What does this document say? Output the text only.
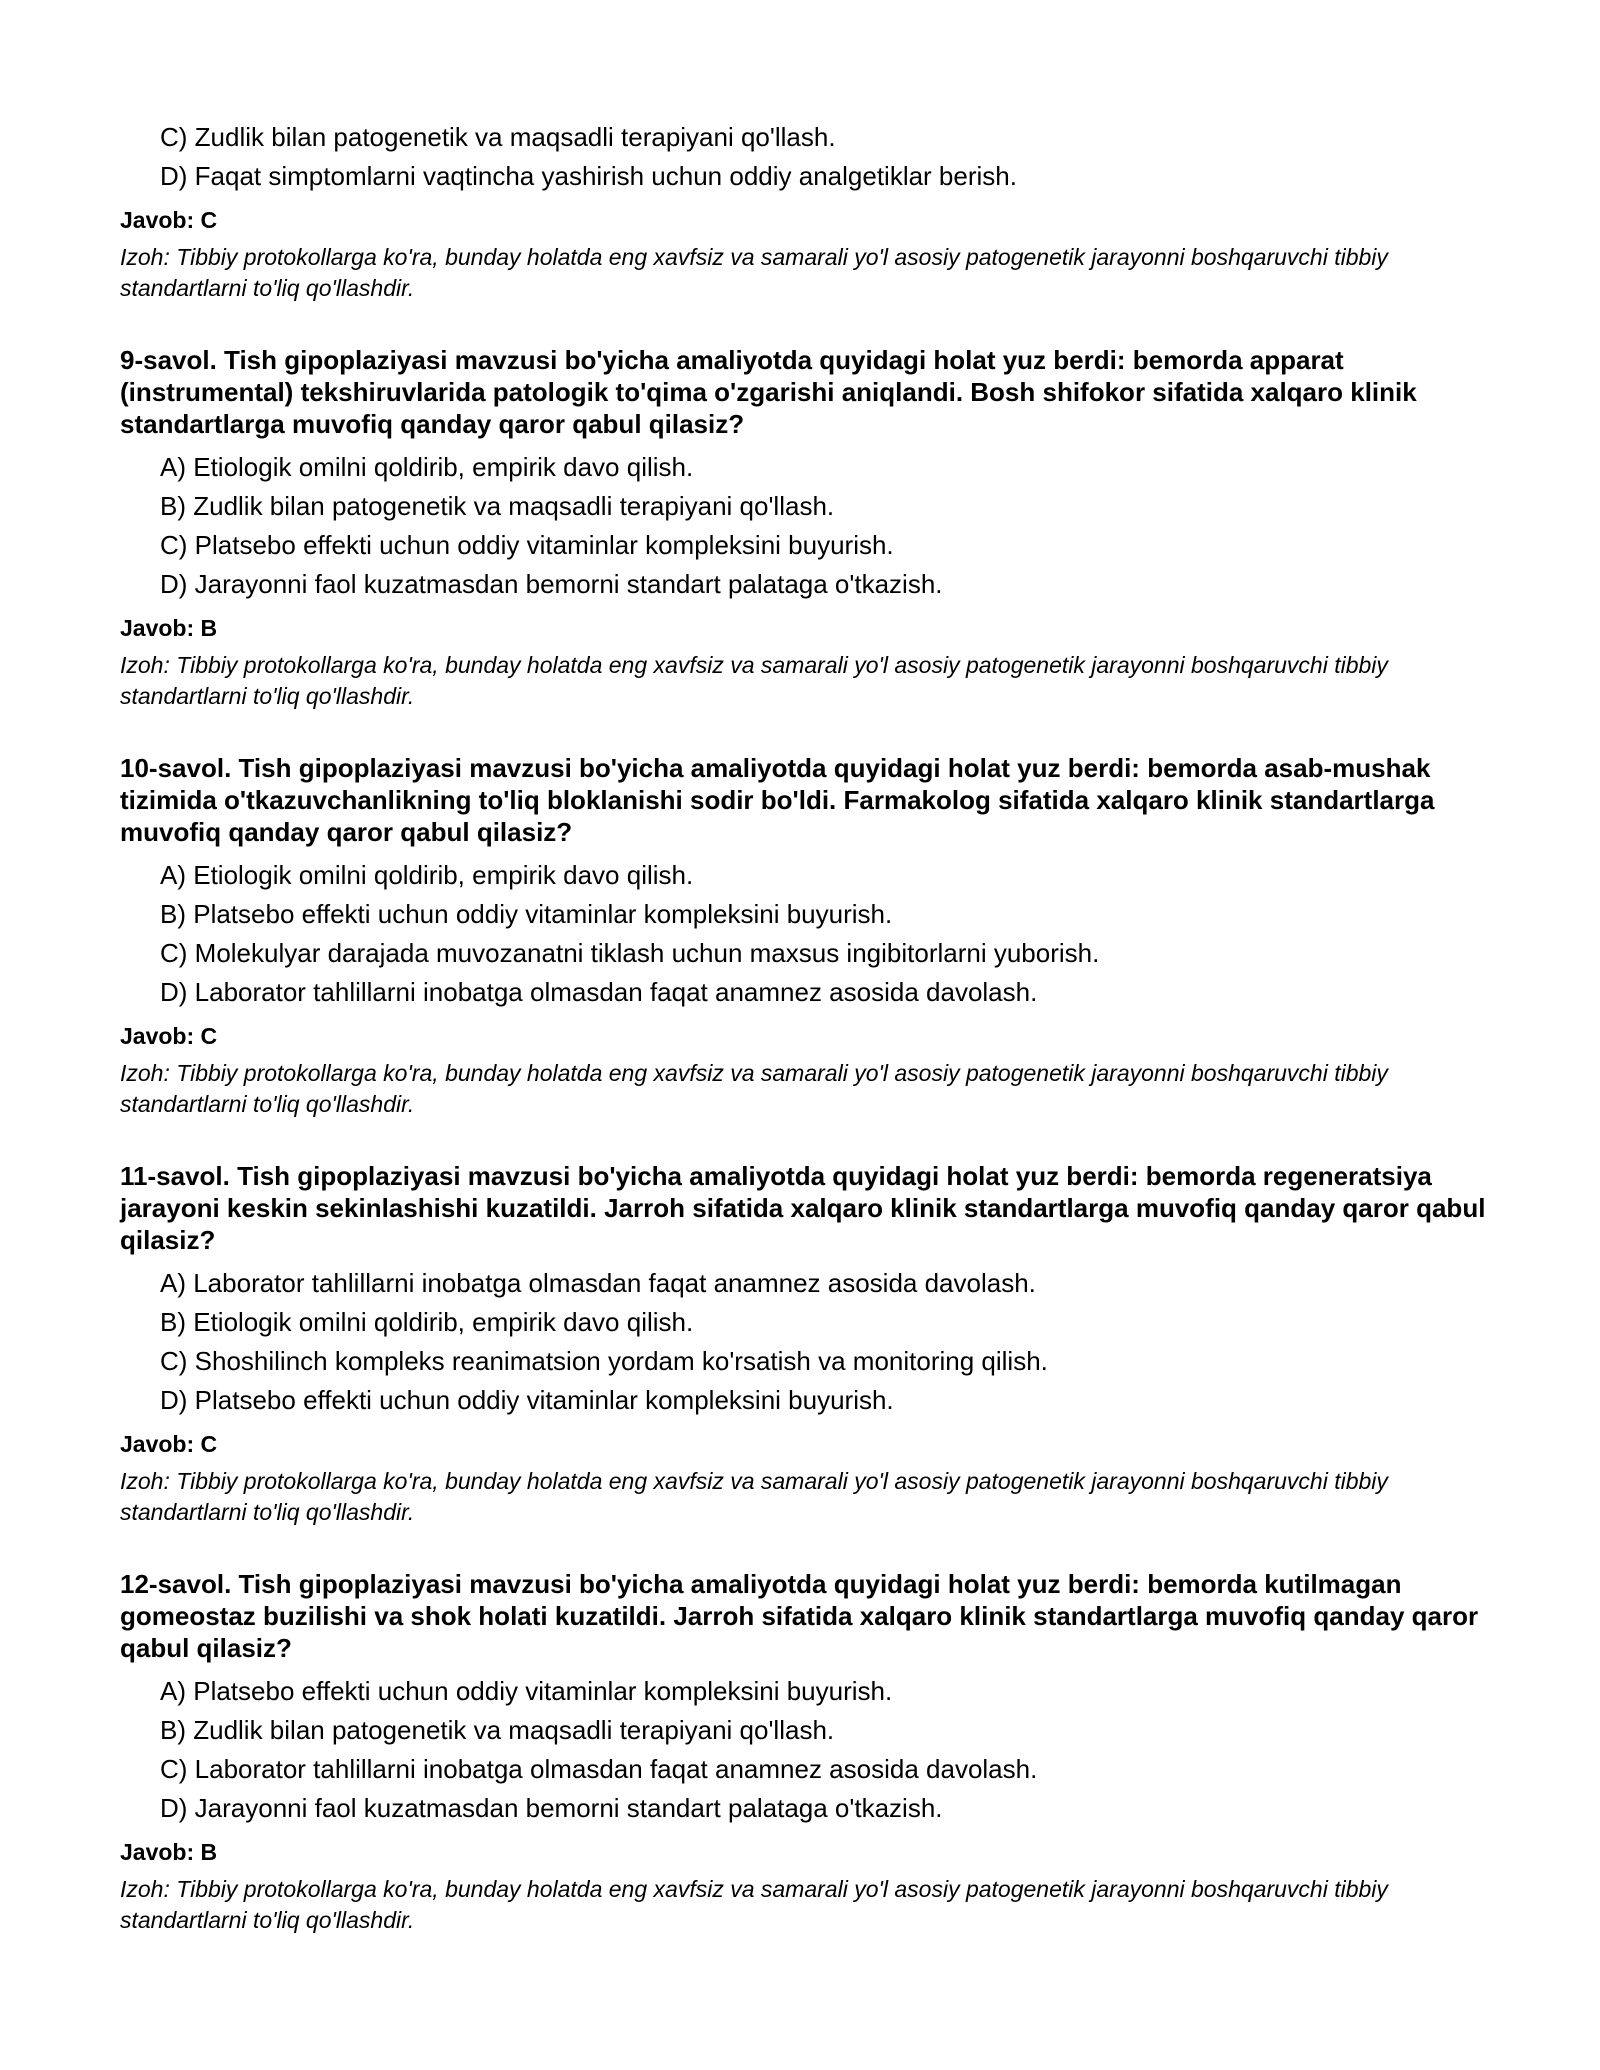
C) Zudlik bilan patogenetik va maqsadli terapiyani qo'llash.
D) Faqat simptomlarni vaqtincha yashirish uchun oddiy analgetiklar berish.
Javob: C
Izoh: Tibbiy protokollarga ko'ra, bunday holatda eng xavfsiz va samarali yo'l asosiy patogenetik jarayonni boshqaruvchi tibbiy standartlarni to'liq qo'llashdir.
9-savol. Tish gipoplaziyasi mavzusi bo'yicha amaliyotda quyidagi holat yuz berdi: bemorda apparat (instrumental) tekshiruvlarida patologik to'qima o'zgarishi aniqlandi. Bosh shifokor sifatida xalqaro klinik standartlarga muvofiq qanday qaror qabul qilasiz?
A) Etiologik omilni qoldirib, empirik davo qilish.
B) Zudlik bilan patogenetik va maqsadli terapiyani qo'llash.
C) Platsebo effekti uchun oddiy vitaminlar kompleksini buyurish.
D) Jarayonni faol kuzatmasdan bemorni standart palataga o'tkazish.
Javob: B
Izoh: Tibbiy protokollarga ko'ra, bunday holatda eng xavfsiz va samarali yo'l asosiy patogenetik jarayonni boshqaruvchi tibbiy standartlarni to'liq qo'llashdir.
10-savol. Tish gipoplaziyasi mavzusi bo'yicha amaliyotda quyidagi holat yuz berdi: bemorda asab-mushak tizimida o'tkazuvchanlikning to'liq bloklanishi sodir bo'ldi. Farmakolog sifatida xalqaro klinik standartlarga muvofiq qanday qaror qabul qilasiz?
A) Etiologik omilni qoldirib, empirik davo qilish.
B) Platsebo effekti uchun oddiy vitaminlar kompleksini buyurish.
C) Molekulyar darajada muvozanatni tiklash uchun maxsus ingibitorlarni yuborish.
D) Laborator tahlillarni inobatga olmasdan faqat anamnez asosida davolash.
Javob: C
Izoh: Tibbiy protokollarga ko'ra, bunday holatda eng xavfsiz va samarali yo'l asosiy patogenetik jarayonni boshqaruvchi tibbiy standartlarni to'liq qo'llashdir.
11-savol. Tish gipoplaziyasi mavzusi bo'yicha amaliyotda quyidagi holat yuz berdi: bemorda regeneratsiya jarayoni keskin sekinlashishi kuzatildi. Jarroh sifatida xalqaro klinik standartlarga muvofiq qanday qaror qabul qilasiz?
A) Laborator tahlillarni inobatga olmasdan faqat anamnez asosida davolash.
B) Etiologik omilni qoldirib, empirik davo qilish.
C) Shoshilinch kompleks reanimatsion yordam ko'rsatish va monitoring qilish.
D) Platsebo effekti uchun oddiy vitaminlar kompleksini buyurish.
Javob: C
Izoh: Tibbiy protokollarga ko'ra, bunday holatda eng xavfsiz va samarali yo'l asosiy patogenetik jarayonni boshqaruvchi tibbiy standartlarni to'liq qo'llashdir.
12-savol. Tish gipoplaziyasi mavzusi bo'yicha amaliyotda quyidagi holat yuz berdi: bemorda kutilmagan gomeostaz buzilishi va shok holati kuzatildi. Jarroh sifatida xalqaro klinik standartlarga muvofiq qanday qaror qabul qilasiz?
A) Platsebo effekti uchun oddiy vitaminlar kompleksini buyurish.
B) Zudlik bilan patogenetik va maqsadli terapiyani qo'llash.
C) Laborator tahlillarni inobatga olmasdan faqat anamnez asosida davolash.
D) Jarayonni faol kuzatmasdan bemorni standart palataga o'tkazish.
Javob: B
Izoh: Tibbiy protokollarga ko'ra, bunday holatda eng xavfsiz va samarali yo'l asosiy patogenetik jarayonni boshqaruvchi tibbiy standartlarni to'liq qo'llashdir.
